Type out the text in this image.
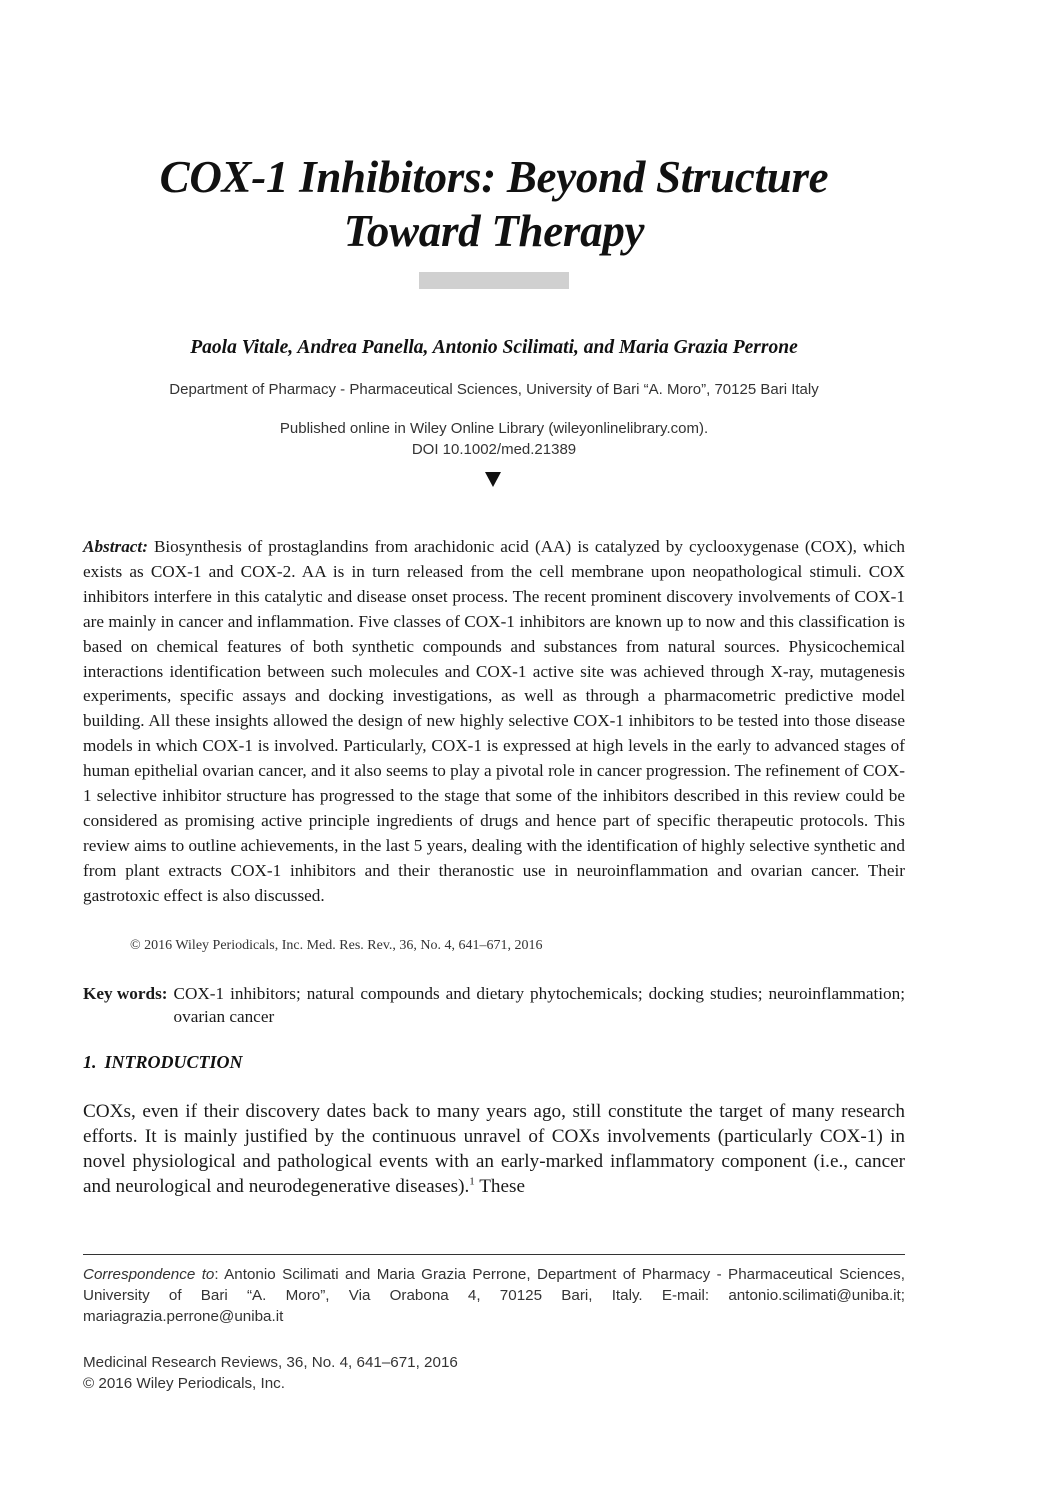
COX-1 Inhibitors: Beyond Structure
Toward Therapy
Paola Vitale, Andrea Panella, Antonio Scilimati, and Maria Grazia Perrone
Department of Pharmacy - Pharmaceutical Sciences, University of Bari “A. Moro”, 70125 Bari Italy
Published online in Wiley Online Library (wileyonlinelibrary.com).
DOI 10.1002/med.21389

Abstract: Biosynthesis of prostaglandins from arachidonic acid (AA) is catalyzed by cyclooxygenase (COX), which exists as COX-1 and COX-2. AA is in turn released from the cell membrane upon neopathological stimuli. COX inhibitors interfere in this catalytic and disease onset process. The recent prominent discovery involvements of COX-1 are mainly in cancer and inflammation. Five classes of COX-1 inhibitors are known up to now and this classification is based on chemical features of both synthetic compounds and substances from natural sources. Physicochemical interactions identification between such molecules and COX-1 active site was achieved through X-ray, mutagenesis experiments, specific assays and docking investigations, as well as through a pharmacometric predictive model building. All these insights allowed the design of new highly selective COX-1 inhibitors to be tested into those disease models in which COX-1 is involved. Particularly, COX-1 is expressed at high levels in the early to advanced stages of human epithelial ovarian cancer, and it also seems to play a pivotal role in cancer progression. The refinement of COX-1 selective inhibitor structure has progressed to the stage that some of the inhibitors described in this review could be considered as promising active principle ingredients of drugs and hence part of specific therapeutic protocols. This review aims to outline achievements, in the last 5 years, dealing with the identification of highly selective synthetic and from plant extracts COX-1 inhibitors and their theranostic use in neuroinflammation and ovarian cancer. Their gastrotoxic effect is also discussed.

© 2016 Wiley Periodicals, Inc. Med. Res. Rev., 36, No. 4, 641–671, 2016
Key words: COX-1 inhibitors; natural compounds and dietary phytochemicals; docking studies; neuroinflammation; ovarian cancer
1. INTRODUCTION

COXs, even if their discovery dates back to many years ago, still constitute the target of many research efforts. It is mainly justified by the continuous unravel of COXs involvements (particularly COX-1) in novel physiological and pathological events with an early-marked inflammatory component (i.e., cancer and neurological and neurodegenerative diseases).$^1$ These

Correspondence to: Antonio Scilimati and Maria Grazia Perrone, Department of Pharmacy - Pharmaceutical Sciences, University of Bari “A. Moro”, Via Orabona 4, 70125 Bari, Italy. E-mail: antonio.scilimati@uniba.it; mariagrazia.perrone@uniba.it

Medicinal Research Reviews, 36, No. 4, 641–671, 2016
© 2016 Wiley Periodicals, Inc.
